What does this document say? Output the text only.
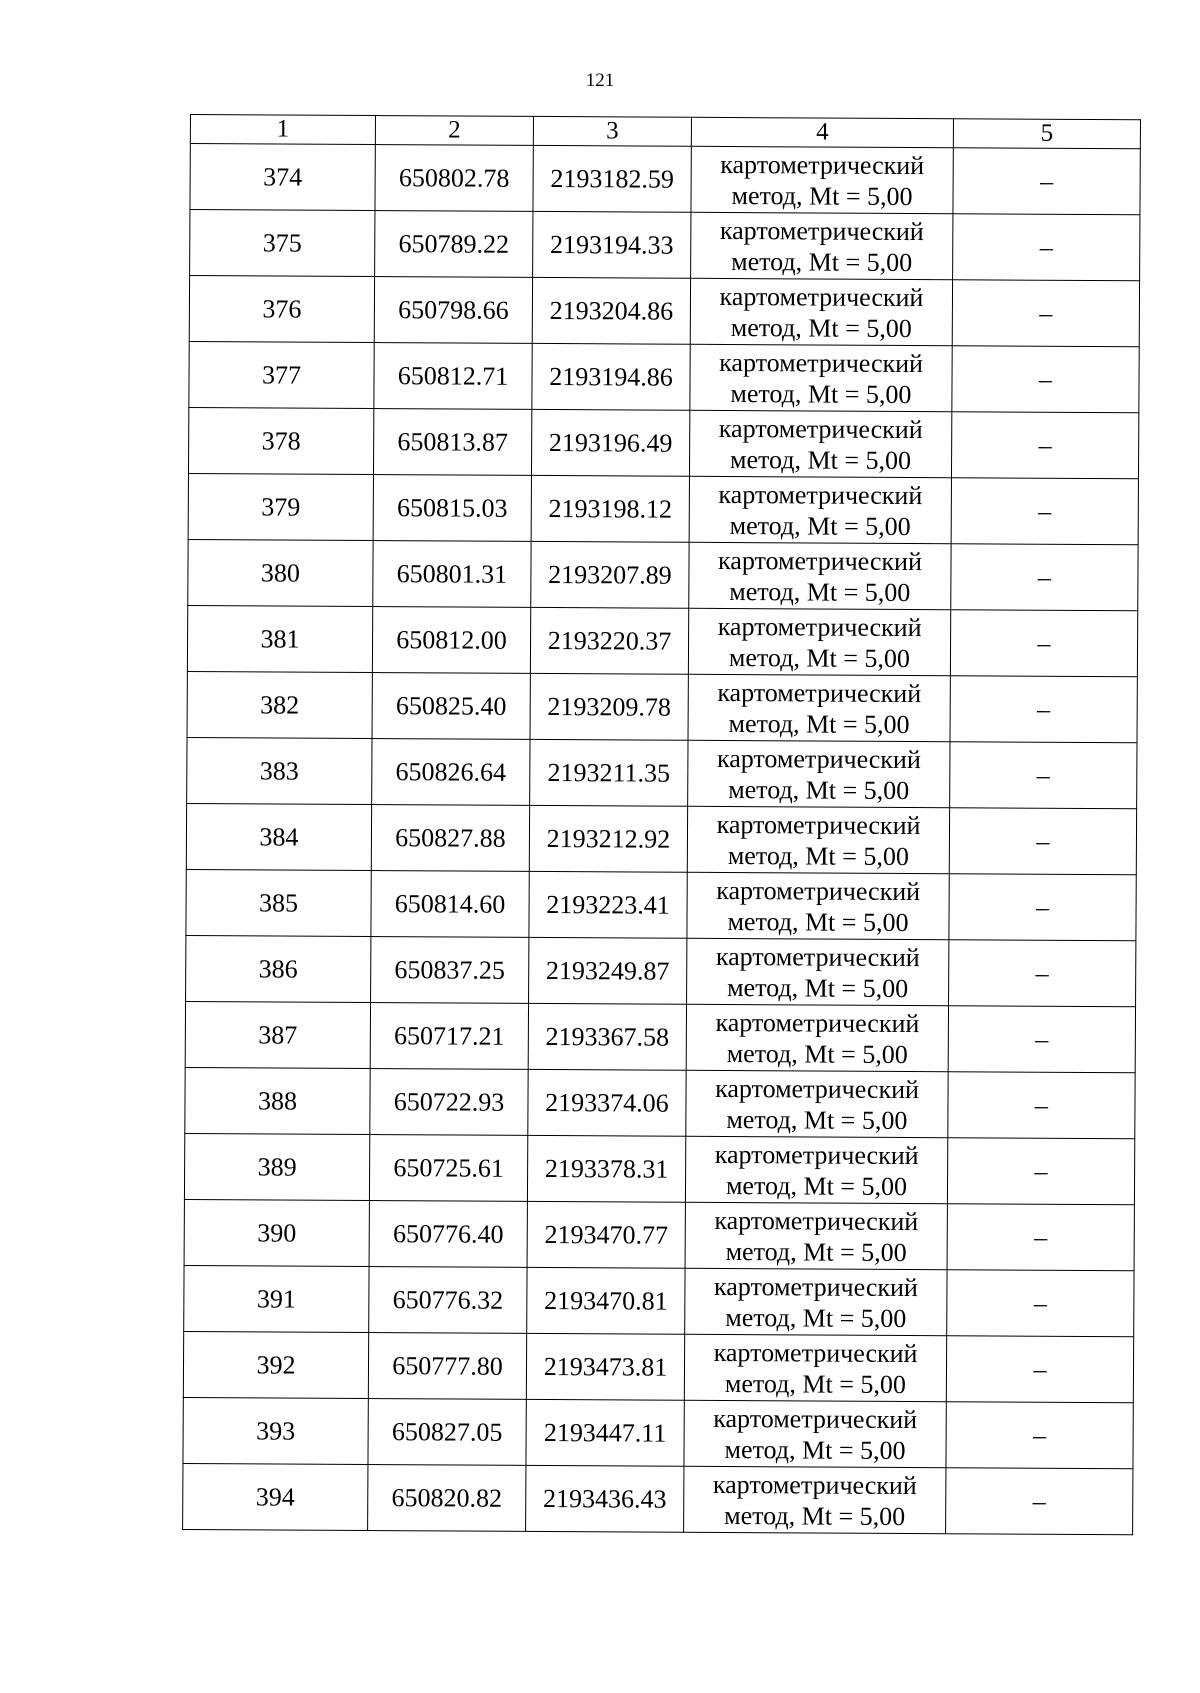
121
1	2	3	4	5
374	650802.78	2193182.59	картометрический метод, Mt = 5,00	–
375	650789.22	2193194.33	картометрический метод, Mt = 5,00	–
376	650798.66	2193204.86	картометрический метод, Mt = 5,00	–
377	650812.71	2193194.86	картометрический метод, Mt = 5,00	–
378	650813.87	2193196.49	картометрический метод, Mt = 5,00	–
379	650815.03	2193198.12	картометрический метод, Mt = 5,00	–
380	650801.31	2193207.89	картометрический метод, Mt = 5,00	–
381	650812.00	2193220.37	картометрический метод, Mt = 5,00	–
382	650825.40	2193209.78	картометрический метод, Mt = 5,00	–
383	650826.64	2193211.35	картометрический метод, Mt = 5,00	–
384	650827.88	2193212.92	картометрический метод, Mt = 5,00	–
385	650814.60	2193223.41	картометрический метод, Mt = 5,00	–
386	650837.25	2193249.87	картометрический метод, Mt = 5,00	–
387	650717.21	2193367.58	картометрический метод, Mt = 5,00	–
388	650722.93	2193374.06	картометрический метод, Mt = 5,00	–
389	650725.61	2193378.31	картометрический метод, Mt = 5,00	–
390	650776.40	2193470.77	картометрический метод, Mt = 5,00	–
391	650776.32	2193470.81	картометрический метод, Mt = 5,00	–
392	650777.80	2193473.81	картометрический метод, Mt = 5,00	–
393	650827.05	2193447.11	картометрический метод, Mt = 5,00	–
394	650820.82	2193436.43	картометрический метод, Mt = 5,00	–
